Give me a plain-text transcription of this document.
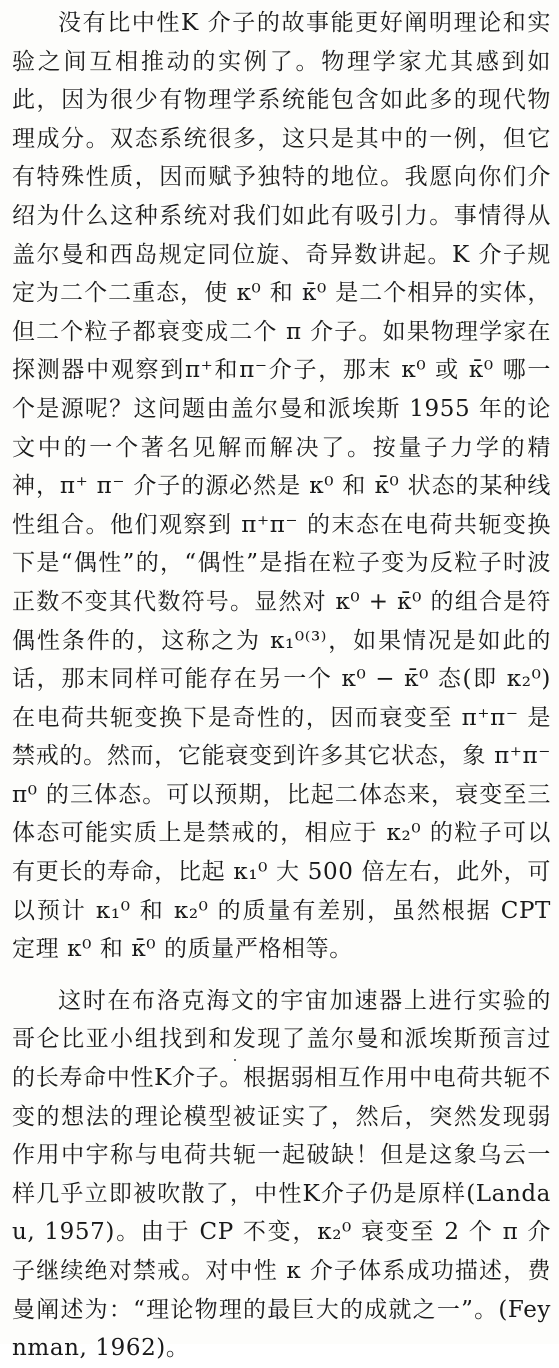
没有比中性K 介子的故事能更好阐明理论和实验之间互相推动的实例了。物理学家尤其感到如此，因为很少有物理学系统能包含如此多的现代物理成分。双态系统很多，这只是其中的一例，但它有特殊性质，因而赋予独特的地位。我愿向你们介绍为什么这种系统对我们如此有吸引力。事情得从盖尔曼和西岛规定同位旋、奇异数讲起。K 介子规定为二个二重态，使 κ⁰ 和 κ̄⁰ 是二个相异的实体，但二个粒子都衰变成二个 π 介子。如果物理学家在探测器中观察到π⁺和π⁻介子，那末 κ⁰ 或 κ̄⁰ 哪一个是源呢？这问题由盖尔曼和派埃斯 1955 年的论文中的一个著名见解而解决了。按量子力学的精神，π⁺ π⁻ 介子的源必然是 κ⁰ 和 κ̄⁰ 状态的某种线性组合。他们观察到 π⁺π⁻ 的末态在电荷共轭变换下是“偶性”的，“偶性”是指在粒子变为反粒子时波正数不变其代数符号。显然对 κ⁰ + κ̄⁰ 的组合是符偶性条件的，这称之为 κ₁⁰⁽³⁾，如果情况是如此的话，那末同样可能存在另一个 κ⁰ − κ̄⁰ 态(即 κ₂⁰) 在电荷共轭变换下是奇性的，因而衰变至 π⁺π⁻ 是禁戒的。然而，它能衰变到许多其它状态，象 π⁺π⁻π⁰ 的三体态。可以预期，比起二体态来，衰变至三体态可能实质上是禁戒的，相应于 κ₂⁰ 的粒子可以有更长的寿命，比起 κ₁⁰ 大 500 倍左右，此外，可以预计 κ₁⁰ 和 κ₂⁰ 的质量有差别，虽然根据 CPT 定理 κ⁰ 和 κ̄⁰ 的质量严格相等。

这时在布洛克海文的宇宙加速器上进行实验的哥仑比亚小组找到和发现了盖尔曼和派埃斯预言过的长寿命中性K介子。根据弱相互作用中电荷共轭不变的想法的理论模型被证实了，然后，突然发现弱作用中宇称与电荷共轭一起破缺！但是这象乌云一样几乎立即被吹散了，中性K介子仍是原样(Landau, 1957)。由于 CP 不变，κ₂⁰ 衰变至 2 个 π 介子继续绝对禁戒。对中性 κ 介子体系成功描述，费曼阐述为：“理论物理的最巨大的成就之一”。(Feynman, 1962)。
